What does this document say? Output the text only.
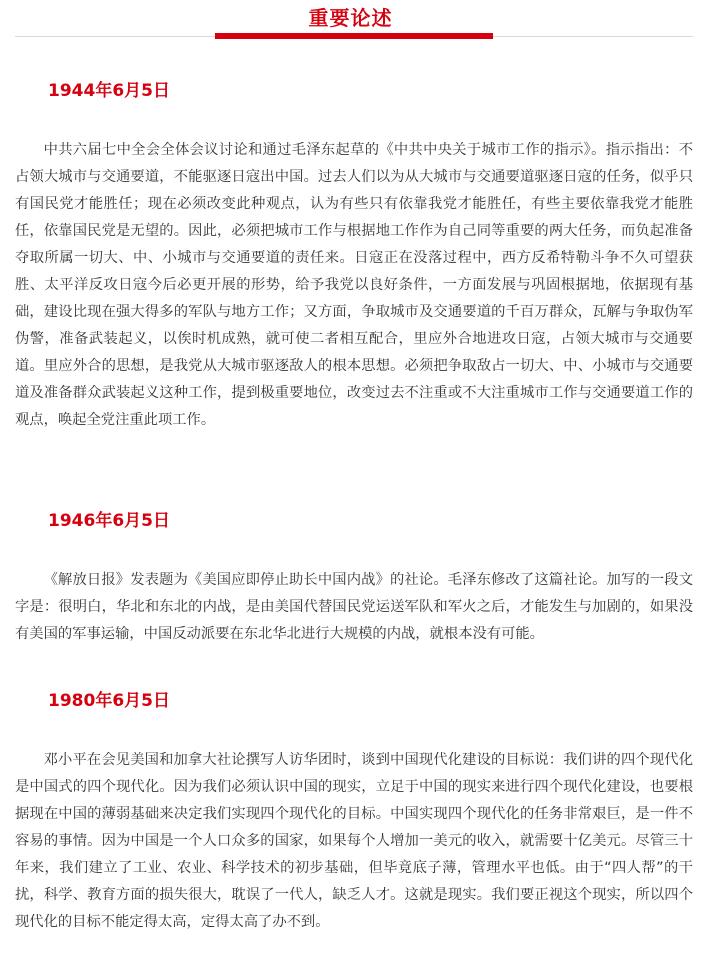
重要论述
1944年6月5日

中共六届七中全会全体会议讨论和通过毛泽东起草的《中共中央关于城市工作的指示》。指示指出：不占领大城市与交通要道，不能驱逐日寇出中国。过去人们以为从大城市与交通要道驱逐日寇的任务，似乎只有国民党才能胜任；现在必须改变此种观点，认为有些只有依靠我党才能胜任，有些主要依靠我党才能胜任，依靠国民党是无望的。因此，必须把城市工作与根据地工作作为自己同等重要的两大任务，而负起准备夺取所属一切大、中、小城市与交通要道的责任来。日寇正在没落过程中，西方反希特勒斗争不久可望获胜、太平洋反攻日寇今后必更开展的形势，给予我党以良好条件，一方面发展与巩固根据地，依据现有基础，建设比现在强大得多的军队与地方工作；又方面，争取城市及交通要道的千百万群众，瓦解与争取伪军伪警，准备武装起义，以俟时机成熟，就可使二者相互配合，里应外合地进攻日寇，占领大城市与交通要道。里应外合的思想，是我党从大城市驱逐敌人的根本思想。必须把争取敌占一切大、中、小城市与交通要道及准备群众武装起义这种工作，提到极重要地位，改变过去不注重或不大注重城市工作与交通要道工作的观点，唤起全党注重此项工作。

1946年6月5日

《解放日报》发表题为《美国应即停止助长中国内战》的社论。毛泽东修改了这篇社论。加写的一段文字是：很明白，华北和东北的内战，是由美国代替国民党运送军队和军火之后，才能发生与加剧的，如果没有美国的军事运输，中国反动派要在东北华北进行大规模的内战，就根本没有可能。

1980年6月5日

邓小平在会见美国和加拿大社论撰写人访华团时，谈到中国现代化建设的目标说：我们讲的四个现代化是中国式的四个现代化。因为我们必须认识中国的现实，立足于中国的现实来进行四个现代化建设，也要根据现在中国的薄弱基础来决定我们实现四个现代化的目标。中国实现四个现代化的任务非常艰巨，是一件不容易的事情。因为中国是一个人口众多的国家，如果每个人增加一美元的收入，就需要十亿美元。尽管三十年来，我们建立了工业、农业、科学技术的初步基础，但毕竟底子薄，管理水平也低。由于“四人帮”的干扰，科学、教育方面的损失很大，耽误了一代人，缺乏人才。这就是现实。我们要正视这个现实，所以四个现代化的目标不能定得太高，定得太高了办不到。
